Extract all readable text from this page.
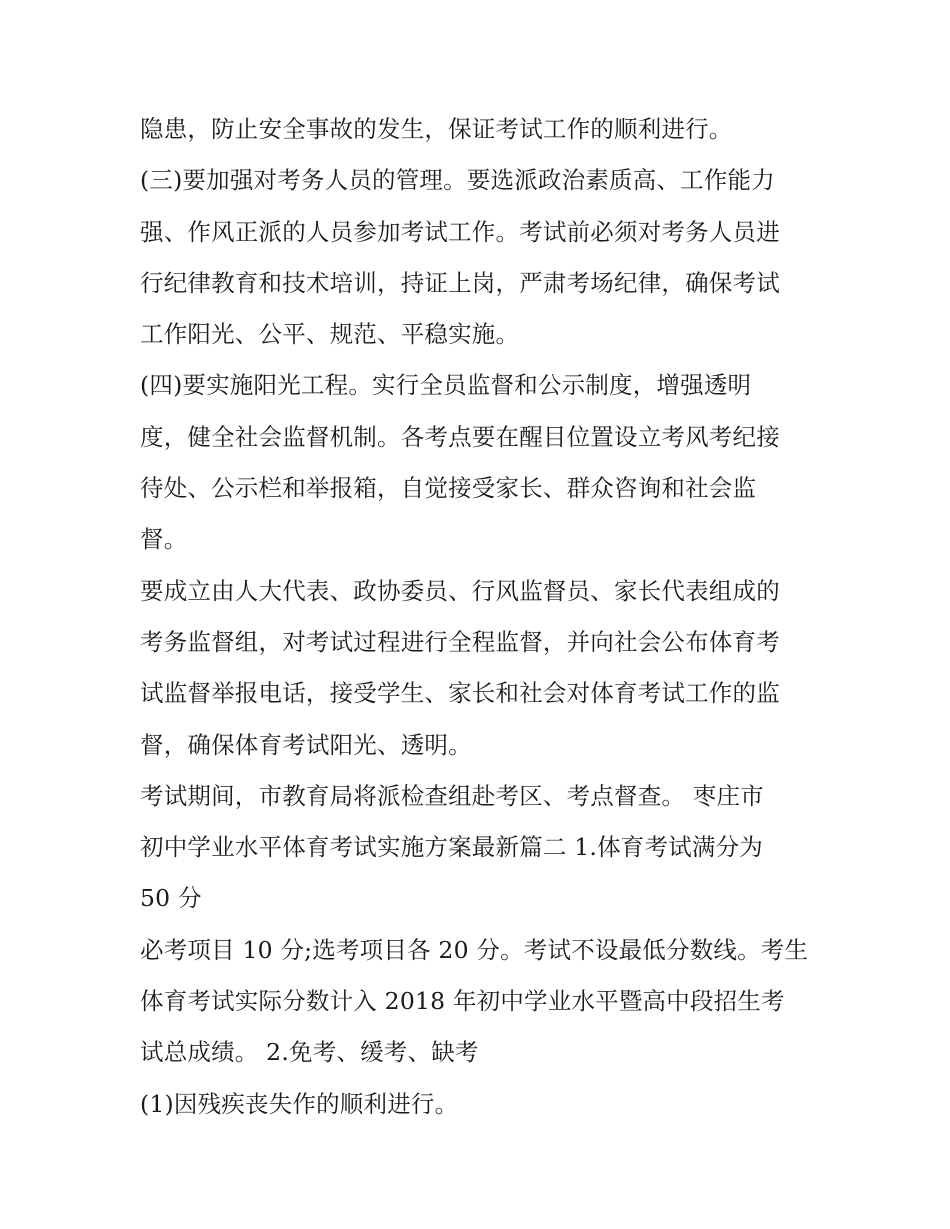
隐患，防止安全事故的发生，保证考试工作的顺利进行。
(三)要加强对考务人员的管理。要选派政治素质高、工作能力
强、作风正派的人员参加考试工作。考试前必须对考务人员进
行纪律教育和技术培训，持证上岗，严肃考场纪律，确保考试
工作阳光、公平、规范、平稳实施。
(四)要实施阳光工程。实行全员监督和公示制度，增强透明
度，健全社会监督机制。各考点要在醒目位置设立考风考纪接
待处、公示栏和举报箱，自觉接受家长、群众咨询和社会监
督。
要成立由人大代表、政协委员、行风监督员、家长代表组成的
考务监督组，对考试过程进行全程监督，并向社会公布体育考
试监督举报电话，接受学生、家长和社会对体育考试工作的监
督，确保体育考试阳光、透明。
考试期间，市教育局将派检查组赴考区、考点督查。 枣庄市
初中学业水平体育考试实施方案最新篇二 1.体育考试满分为
50 分
必考项目 10 分;选考项目各 20 分。考试不设最低分数线。考生
体育考试实际分数计入 2018 年初中学业水平暨高中段招生考
试总成绩。 2.免考、缓考、缺考
(1)因残疾丧失作的顺利进行。
